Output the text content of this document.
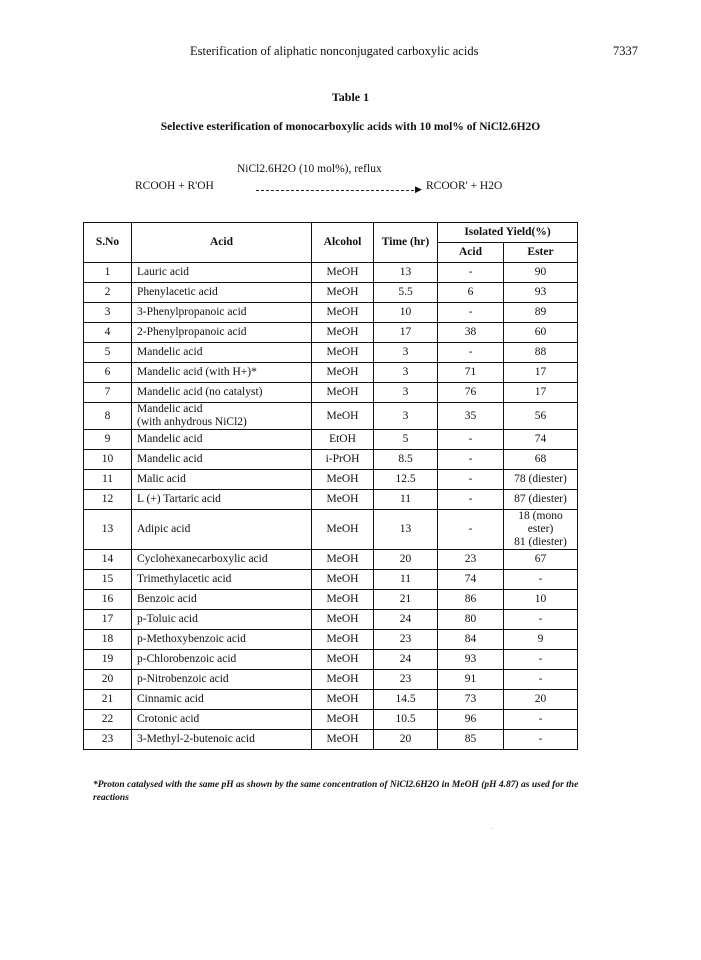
Esterification of aliphatic nonconjugated carboxylic acids	7337
Table 1
Selective esterification of monocarboxylic acids with 10 mol% of NiCl2.6H2O
NiCl2.6H2O (10 mol%), reflux
RCOOH + R'OH	▶ RCOOR' + H2O
S.No	Acid	Alcohol	Time (hr)	Isolated Yield(%)	
				Acid	Ester

1	Lauric acid	MeOH	13	-	90

2	Phenylacetic acid	MeOH	5.5	6	93

3	3-Phenylpropanoic acid	MeOH	10	-	89

4	2-Phenylpropanoic acid	MeOH	17	38	60

5	Mandelic acid	MeOH	3	-	88

6	Mandelic acid (with H+)*	MeOH	3	71	17

7	Mandelic acid (no catalyst)	MeOH	3	76	17

8	Mandelic acid
(with anhydrous NiCl2)	MeOH	3	35	56

9	Mandelic acid	EtOH	5	-	74

10	Mandelic acid	i-PrOH	8.5	-	68

11	Malic acid	MeOH	12.5	-	78 (diester)

12	L (+) Tartaric acid	MeOH	11	-	87 (diester)

13	Adipic acid	MeOH	13	-	18 (mono
ester)
81 (diester)

14	Cyclohexanecarboxylic acid	MeOH	20	23	67

15	Trimethylacetic acid	MeOH	11	74	-

16	Benzoic acid	MeOH	21	86	10

17	p-Toluic acid	MeOH	24	80	-

18	p-Methoxybenzoic acid	MeOH	23	84	9

19	p-Chlorobenzoic acid	MeOH	24	93	-

20	p-Nitrobenzoic acid	MeOH	23	91	-

21	Cinnamic acid	MeOH	14.5	73	20

22	Crotonic acid	MeOH	10.5	96	-

23	3-Methyl-2-butenoic acid	MeOH	20	85	-
*Proton catalysed with the same pH as shown by the same concentration of NiCl2.6H2O in MeOH (pH 4.87) as used for the reactions
